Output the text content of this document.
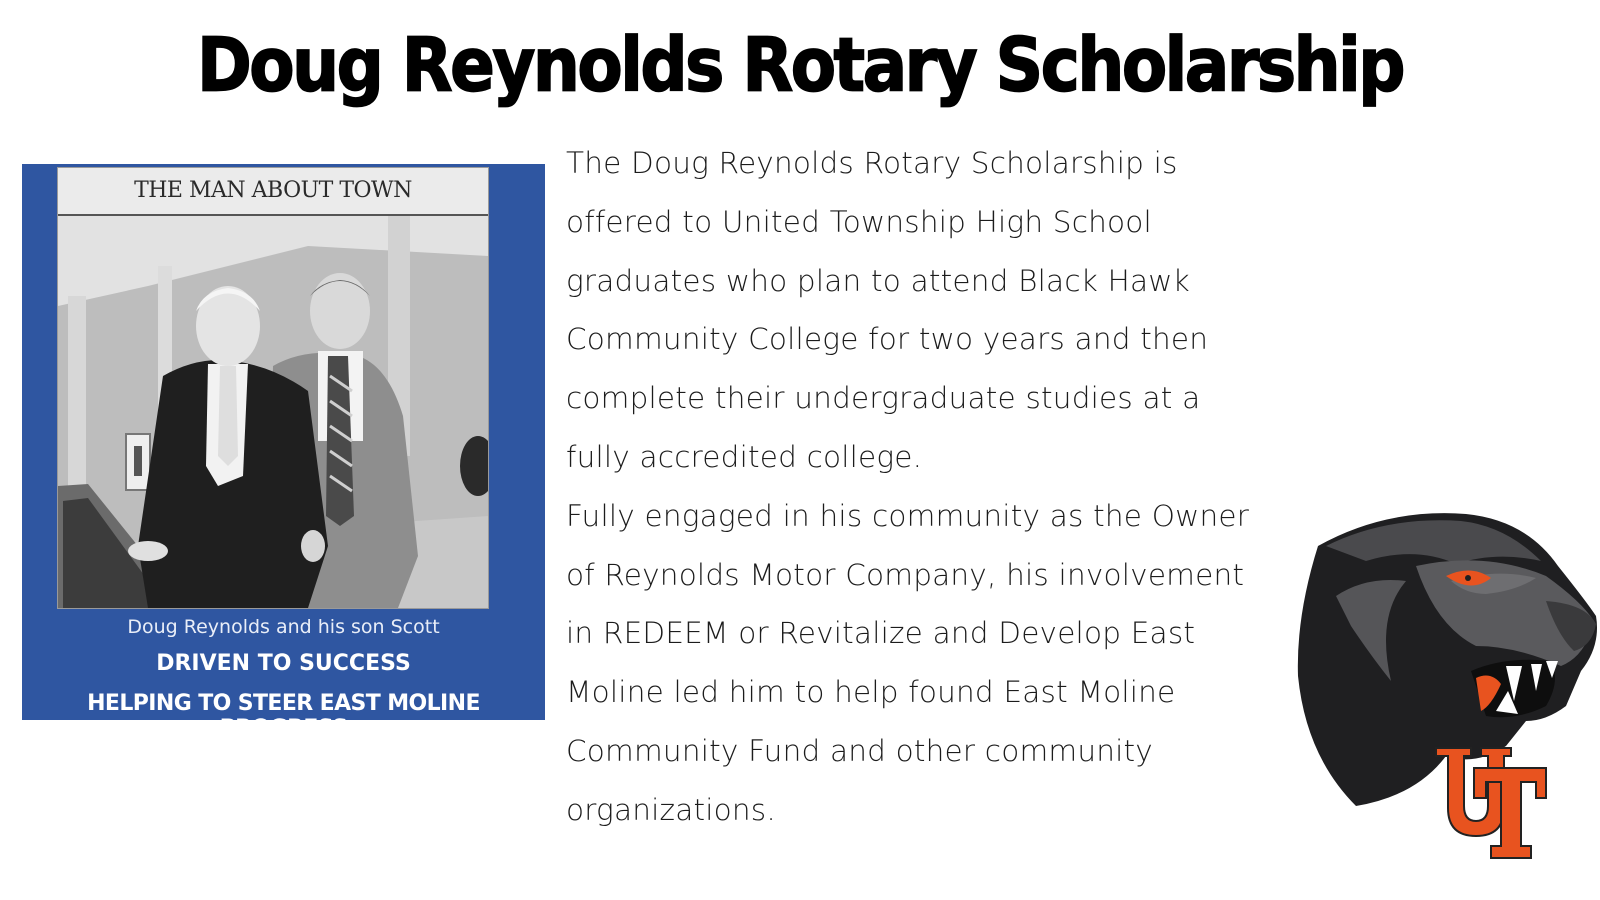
Doug Reynolds Rotary Scholarship
THE MAN ABOUT TOWN
Doug Reynolds and his son Scott
DRIVEN TO SUCCESS
HELPING TO STEER EAST MOLINE PROGRESS
The Doug Reynolds Rotary Scholarship is
offered to United Township High School
graduates who plan to attend Black Hawk
Community College for two years and then
complete their undergraduate studies at a
fully accredited college.
Fully engaged in his community as the Owner
of Reynolds Motor Company, his involvement
in REDEEM or Revitalize and Develop East
Moline led him to help found East Moline
Community Fund and other community
organizations.
